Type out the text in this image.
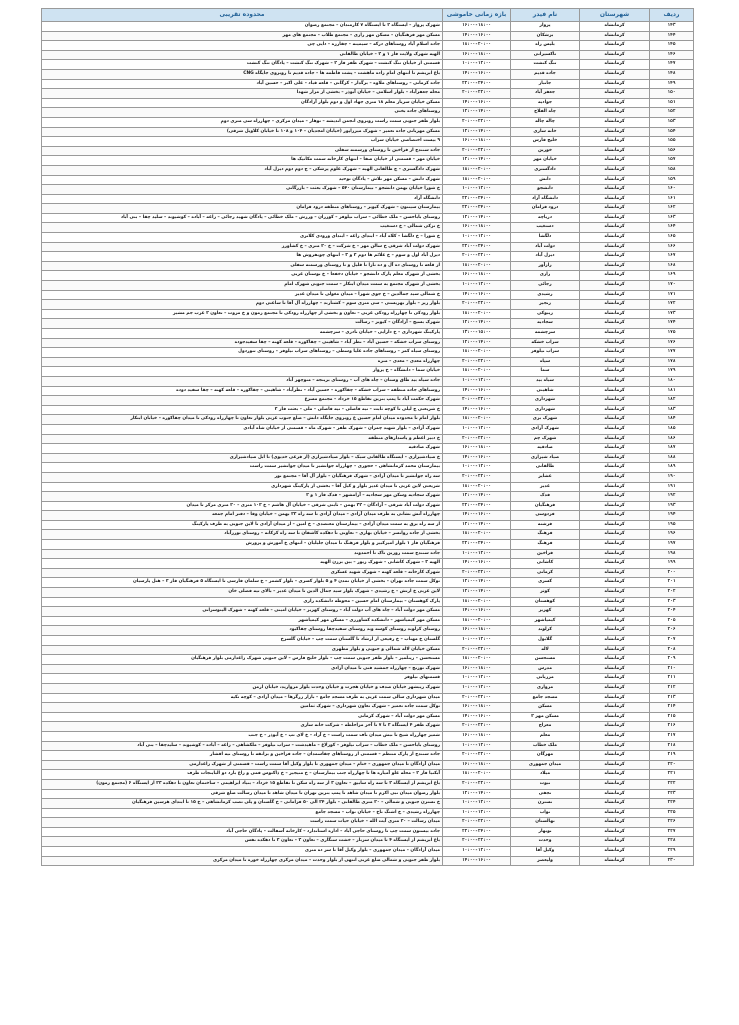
ردیف	شهرستان	نام فیدر	بازه زمانی خاموشی	محدوده تقریبی
۱۴۳	کرمانشاه	پرواز	۱۶:۰۰-۱۸:۰۰	شهرک پرواز – ایستگاه ۲ تا ایستگاه ۷ کارمندان – مجتمع رضوان
۱۴۴	کرمانشاه	برشکان	۱۴:۰۰-۱۶:۰۰	مسکن مهر فرهنگیان – مسکن مهر رازی – مجتمع طلاب – مجتمع های مهر
۱۴۵	کرمانشاه	بلیس راه	۱۸:۰۰-۲۰:۰۰	جاده اسلام آباد روستاهای درکه – سیمینه – چقارزه – دایی چی
۱۴۶	کرمانشاه	تاکسیرانی	۱۶:۰۰-۱۸:۰۰	الهیه شهرک ولایت فاز ۱ و ۲ – خیابان طالقانی
۱۴۷	کرمانشاه	تنگ کنشت	۱۰:۰۰-۱۲:۰۰	قسمتی از خیابان تنگ کنشت – شهرک ظفر فاز ۲ – شهرک تنگ کنشت – پادگان تنگ کنشت
۱۴۸	کرمانشاه	جاده قدیم	۱۴:۰۰-۱۶:۰۰	باغ ابریشم تا انتهای امام زاده ماهشت – پشت فاطمه ها – جاده قدیم تا روبروی جایگاه CNG
۱۴۹	کرمانشاه	جانباز	۲۲:۰۰-۲۴:۰۰	جاده کرمانی – روستاهای ملاوه – برگدار – کرگانی – قلعه قباد – علی اکبر – حسین آباد
۱۵۰	کرمانشاه	جعفر آباد	۲۰:۰۰-۲۲:۰۰	محله جعفرآباد – بلوار اسلامی – خیابان آبوذر – بخشی از مزار شهدا
۱۵۱	کرمانشاه	جوادیه	۱۴:۰۰-۱۶:۰۰	مسکن خیابان سرباز معلم ۱۸ متری جهاد اول و دوم بلوار آزادگان
۱۵۲	کرمانشاه	چاه الفلاح	۱۲:۰۰-۱۴:۰۰	روستاهای جاده بختی
۱۵۳	کرمانشاه	چاله چاله	۲۰:۰۰-۲۲:۰۰	بلوار ظفر جنوبی سمت راست روبروی انجمن اندیشه – توهار – میدان مرکزی – چهارراه سی متری دوم
۱۵۴	کرمانشاه	خانه سازی	۱۲:۰۰-۱۴:۰۰	مسکن مهربانی جاده تعمیر – شهرک میرزاپور (خیابان امجدیان – ۱۰۴ و ۱۰۸ تا خیابان کلاویل شرقی)
۱۵۵	کرمانشاه	خلیج فارس	۱۶:۰۰-۱۸:۰۰	۹ بیست اختصاصی خیابان سراب
۱۵۶	کرمانشاه	خورین	۲۰:۰۰-۲۲:۰۰	جاده سنندج از فراخین تا روستای ورسمته سفلی
۱۵۷	کرمانشاه	خیابان مهر	۱۲:۰۰-۱۴:۰۰	خیابان مهر – قسمتی از خیابان صفا – انتهای کارخانه سمت مکانیک ها
۱۵۸	کرمانشاه	دادگستری	۱۸:۰۰-۲۰:۰۰	شهرک دادگستری – ج طالقانی الهیه – شهرک علوم پزشکی – ج دوم دوم دیزل آباد
۱۵۹	کرمانشاه	دانش	۱۸:۰۰-۲۰:۰۰	شهرک دانش – مسکن مهر تلاش – پادگان توحید
۱۶۰	کرمانشاه	دانشجو	۱۰:۰۰-۱۲:۰۰	خ شورا خیابان بهمن دانشجو – بیمارستان ۵۴۰ – شهرک بعثت – بازرگانی
۱۶۱	کرمانشاه	دانشگاه آزاد	۲۲:۰۰-۲۴:۰۰	دانشگاه آزاد
۱۶۲	کرمانشاه	درود فرامان	۲۲:۰۰-۲۴:۰۰	بیمارستان سینتون – شهرک کیوبز – روستاهای منطقه درود فرامان
۱۶۳	کرمانشاه	دریاچه	۱۲:۰۰-۱۴:۰۰	روستای باباحسن – ملک خطائی – سراب نیلوفر – کوزران – ورزش – ملک خطائی – پادگان شهید رجائی – زاغه – آباده – کوشیوند – سلید چقا – بنی آباد
۱۶۴	کرمانشاه	دستغیب	۱۶:۰۰-۱۸:۰۰	خ ترکی شمالی – خ دستغیب
۱۶۵	کرمانشاه	دلگشا	۱۰:۰۰-۱۲:۰۰	خ شورا – خ دلگشا – کلاه آباد – ابتدای زاغه – ابتدای ورودی کلاتری
۱۶۶	کرمانشاه	دولت آباد	۲۲:۰۰-۲۴:۰۰	شهرک دولت آباد شرقی خ سالن مهر – خ شرکت – خ ۲۰ متری – خ کشاورز
۱۶۷	کرمانشاه	دیزل آباد	۲۰:۰۰-۲۲:۰۰	دیزل آباد اول و سوم – خ علائم ها دوم ۲ و ۳ – انتهای چوبفروش ها
۱۶۸	کرمانشاه	رازآور	۱۸:۰۰-۲۰:۰۰	از قلعه تا روستای ده آل و ده نازا تا قلیل و تا روستای ورسمته سفلی
۱۶۹	کرمانشاه	رازی	۱۶:۰۰-۱۸:۰۰	بخشی از شهرک معلم پارک دانشجو – خیابان دخفعا – خ بوستان غربی
۱۷۰	کرمانشاه	رجائی	۱۰:۰۰-۱۲:۰۰	بخشی از شهرک مجتمع به سمت میدان ابتکار – سمت جنوبی شهرک امام
۱۷۱	کرمانشاه	رشیدی	۱۴:۰۰-۱۶:۰۰	خ شمالی سید جمالدین – خ جوی شهرا – میدان مغولی تا میدان غدیر
۱۷۲	کرمانشاه	زنجیر	۲۰:۰۰-۲۲:۰۰	بلوار زیر – بلوار بهزیستی – سی متری سوم – کشتارند – چهارراه آل آقا تا ساعتی دوم
۱۷۳	کرمانشاه	زیبوکی	۱۸:۰۰-۲۰:۰۰	بلوار رودکی تا چهارراه رودکی غربی – تعاون و بخشی از چهارراه رودکی تا مجتمع زمون و خ مروت – تعاون ۲ غرب جم مشیر
۱۷۴	کرمانشاه	سجادیه	۱۲:۰۰-۱۴:۰۰	شهرک بسیج – آزادگان – کیوبز – رسالت
۱۷۵	کرمانشاه	سرچشمه	۱۳:۰۰-۱۵:۰۰	پارکینگ شهرداری – خ دارایی – خیابان نادری – سرچشمه
۱۷۶	کرمانشاه	سراب خشکه	۱۲:۰۰-۱۴:۰۰	روستای سراب خشکه – حسین آباد – نظر آباد – شاهینی – چقاکوره – قلعه کهنه – چقا سفیدجوده
۱۷۷	کرمانشاه	سراب نیلوفر	۱۸:۰۰-۲۰:۰۰	روستای سیاه کمر – روستاهای جاده علیا وسطی – روستاهای سراب نیلوفر – روستای تنوردول
۱۷۸	کرمانشاه	سپاه	۲۰:۰۰-۲۲:۰۰	چهارراه معدی – معدی – منزه
۱۷۹	کرمانشاه	سما	۱۸:۰۰-۲۰:۰۰	خیابان سما – دانشگاه – خ پرواز
۱۸۰	کرمانشاه	سیاه بید	۱۰:۰۰-۱۲:۰۰	جاده سیاه بید طاق وستان – چاه های آب – روستای برینجه – منوچهر آباد
۱۸۱	کرمانشاه	شاهینی	۱۴:۰۰-۱۶:۰۰	روستاهای جاده منطقه – سراب خشکه – چقاکوره – حسین آباد – نظرآباد – شاهینی – چقاکوره – قلعه کهنه – چقا سفید دوده
۱۸۲	کرمانشاه	شهرداری	۲۰:۰۰-۲۲:۰۰	شهرک حکمت آباد تا پمپ بنزین تقاطع ۱۵ خرداد – مجتمع مسرع
۱۸۳	کرمانشاه	شهرداری	۱۴:۰۰-۱۶:۰۰	خ شریعتی ج لیلی تا کوچه ثابت – تیه فاضلی – تیه فاضلی – ملی – بعثت فاز ۲
۱۸۴	کرمانشاه	شهرک بری	۱۸:۰۰-۲۰:۰۰	بلوار امام تا محدوده میدان امام حسین ع روبروی جایگاه دانش – ضلع جنوب غربی بلوار تعاون تا چهارراه رودکی تا میدان چقاکوره – خیابان ابتکار
۱۸۵	کرمانشاه	شهرک آزادی	۱۰:۰۰-۱۲:۰۰	شهرک آزادی – بلوار شهید چمران – شهرک ظفر – شهرک ماه – قسمتی از خیابان شاه آبادی
۱۸۶	کرمانشاه	شهرک چم	۲۰:۰۰-۲۲:۰۰	خ دبیر اعظم و پاسدارهای منطقه
۱۸۷	کرمانشاه	صادقیه	۱۶:۰۰-۱۸:۰۰	شهرک صادقیه
۱۸۸	کرمانشاه	صیاد شیرازی	۱۴:۰۰-۱۶:۰۰	خ صیادشیرازی – ایستگاه طالقانی سبک – بلوار صیادشیرازی (از فرعی خدیوی) تا ابل صیادشیرازی
۱۸۹	کرمانشاه	طالقانی	۱۰:۰۰-۱۲:۰۰	بیمارستان محمد کرمانشاهی – حجوری – چهارراه جوانشیر تا میدان جوانشیر سمت راست
۱۹۰	کرمانشاه	عشایر	۲۰:۰۰-۲۲:۰۰	سه راه جوانشیر تا میدان آزادی – شهرک فرهنگیان – بلوار آل آقا – مجتمع نور
۱۹۱	کرمانشاه	غدیر	۱۸:۰۰-۲۰:۰۰	شریعتی لاین غربی تا میدان غدیر بلوار و کیل آقا – بخشی از پارکینگ شهرداری
۱۹۲	کرمانشاه	فدک	۱۲:۰۰-۱۴:۰۰	شهرک سجادیه وسکن مهر سجادیه – آرامشهر – فدک فاز ۱ و ۲
۱۹۳	کرمانشاه	فرهنگیان	۲۲:۰۰-۲۴:۰۰	شهرک دولت آباد شرقی – آزادگان – ۲۲ بهمن – ثابتی شرقی – خیابان آل هاشم – خ ۱۰۲ متری – ۲۰ متری مرکز تا میدان
۱۹۴	کرمانشاه	فردوسی	۱۴:۰۰-۱۶:۰۰	چهارراه آتش نشانی به طرف میدان آزادی – میدان آزادی تا سه راه ۲۲ بهمن – خیابان وفا – دفتر امام جمعه
۱۹۵	کرمانشاه	فرشته	۱۲:۰۰-۱۴:۰۰	از سه راه برق به سمت میدان آزادی – بیمارستان معتضدی – خ امین – از میدان آزادی تا لاین جنوبی به طرف پارکینگ
۱۹۶	کرمانشاه	فرهنگ	۱۸:۰۰-۲۰:۰۰	بخشی از جاده روانسر – خیابان بهاری – تعاونی تا دهکده کاشفان تا سه راه کرکانه – روستای تورزآباد
۱۹۷	کرمانشاه	فرهنگ	۲۲:۰۰-۲۴:۰۰	فرهنگیان فاز ۱ بلوار امیرکبیر و بلوار فرهنگ تا میدان جلیلیان – انتهای خ آموزش و پرورش
۱۹۸	کرمانشاه	فراخین	۱۰:۰۰-۱۲:۰۰	جاده سنندج سمت روزبن تاک تا احمدوند
۱۹۹	کرمانشاه	کاشانی	۱۴:۰۰-۱۶:۰۰	الهیه ۳ – شهرک کاشانی – شهرک زیور – بین برزن الهیه
۲۰۰	کرمانشاه	کرمانی	۲۰:۰۰-۲۲:۰۰	شهرک کارخانه – قلعه کهنه – شهرک شهید عسکری
۲۰۱	کرمانشاه	کسری	۱۲:۰۰-۱۴:۰۰	توکل سمت جاده تهران – بخشی از خیابان تمدن ۴ و ۵ بلوار کسری – بلوار کشمر – خ سلمان فارسی تا ایستگاه ۵ فرهنگیان فاز ۲ – هتل پارسیان
۲۰۲	کرمانشاه	کوثر	۱۲:۰۰-۱۴:۰۰	لاین غربی خ ارتش – خ رشیدی – شهرک بلوار سید جمال الدین تا میدان غدیر – بالای تیه فضلی خان
۲۰۳	کرمانشاه	کوهستان	۱۸:۰۰-۲۰:۰۰	پارک کوهستان – بیمارستان امام حسین – محوطه دانشکده رازی
۲۰۴	کرمانشاه	کهریز	۱۴:۰۰-۱۶:۰۰	مسکن مهر دولت آباد – چاه های آب دولت آباد – روستای کهریز – خیابان امینی – قلعه کهنه – شهرک الیتوسرانی
۲۰۵	کرمانشاه	کیمیاشهر	۱۸:۰۰-۲۰:۰۰	مسکن مهر کیمیاشهر – دانشکده کشاورزی – مسکن مهر کیمیاشهر
۲۰۶	کرمانشاه	کرلوند	۱۶:۰۰-۱۸:۰۰	روستای کرلوند روستای کوسه وند روستای سفیدچقا روستای چقاکبود
۲۰۷	کرمانشاه	گلابول	۱۰:۰۰-۱۲:۰۰	گلستان خ مهتاب – خ رفیعی از ارشاد تا گلستان سمت چپ – خیابان گلسرخ
۲۰۸	کرمانشاه	لاله	۲۰:۰۰-۲۲:۰۰	مسکن خیابان لاله شمالی و جنوبی و بلوار مطهری
۲۰۹	کرمانشاه	مستحسن	۱۸:۰۰-۲۰:۰۰	مستحسن – زینلمپر – بلوار ظفر جنوبی سمت چپ – بلوار خلیج فارس – لاین جنوبی شهرک زاغدارمی بلوار فرهنگیان
۲۱۰	کرمانشاه	مدرس	۱۶:۰۰-۱۸:۰۰	شهرک توزنج – چهارراه جمشید فنی تا میدان آزادی
۲۱۱	کرمانشاه	مرزبانی	۱۰:۰۰-۱۲:۰۰	قسمتهای نیلوفر
۲۱۲	کرمانشاه	مرواری	۱۰:۰۰-۱۲:۰۰	شهرک زیبشهر خیابان صدف و خیابان هجرت و خیابان وحدت بلوار مروارید، خیابان ارمن
۲۱۳	کرمانشاه	مسجد جامع	۲۰:۰۰-۲۲:۰۰	میدان شهرداری سالی سمت غربی به طرف مسجد جامع – بازار زرگرها – میدان آزادی – کوچه تکیه
۲۱۴	کرمانشاه	مسکن	۱۶:۰۰-۱۸:۰۰	توکل سمت جاده تعمیر – شهرک تعاون شهرداری – شهرک ثمامین
۲۱۵	کرمانشاه	مسکن مهر ۲	۱۴:۰۰-۱۶:۰۰	مسکن مهر دولت آباد – شهرک کرمانی
۲۱۶	کرمانشاه	معراج	۲۰:۰۰-۲۲:۰۰	شهرک ظفر ۴ ایستگاه ۲ تا ۷ تا آخر مراحلطه – شرکت خانه سازی
۲۱۷	کرمانشاه	معلم	۱۶:۰۰-۱۸:۰۰	شمیر چهارراه شیخ تا نبش میدان ناف سمت راست – خ آزاد – خ لای تپ – خ آبوذر – خ جنب
۲۱۸	کرمانشاه	ملک خطاب	۱۰:۰۰-۱۲:۰۰	روستای باباحسن – ملک خطاب – سراب نیلوفر – کوزلاغ – ماهیدشت – سراب نیلوفر – ملکشاهی – زاغه – آباده – کوشیوند – سلیدچقا – بنی آباد
۲۱۹	کرمانشاه	مهرگان	۲۰:۰۰-۲۲:۰۰	جاده سنندج از پارک منتظم – قسمتی از روستاهای چقاسمدان – جاده فراخین و برانقه تا روستای نیه اقشار
۲۲۰	کرمانشاه	میدان جمهوری	۱۶:۰۰-۱۸:۰۰	میدان آزادگان تا میدان جمهوری – ختام – میدان جمهوری تا بلوار وکیل آقا سمت راست – قسمتی از شهرک زاغدارمی
۲۲۱	کرمانشاه	میلاد	۱۸:۰۰-۲۰:۰۰	آبکنیا فاز ۲ – محله علو آمیاره ها تا چهارراه جنب بیمارستان – خ منیجیر – خ ذاکتوس فمی و زاغ بارد دو الباینجات طرف
۲۲۲	کرمانشاه	نبوت	۲۰:۰۰-۲۲:۰۰	باغ ابریشم از ایستگاه ۲ تا سه راه سابیق – تعاون ۳ از سه راه سکن تا تقاطع ۱۵ خرداد – بنیاد ابراهیمی – ساختمان تعاون تا دهکده ۲۳ از ایستگاه ۶ (مجتمع زمون)
۲۲۳	کرمانشاه	نجفی	۱۲:۰۰-۱۴:۰۰	بلوار رضوان میدان نبی اکرم تا میدان شاهد تا پمپ بنزین تهران تا میدان شاهد تا میدان رسالت ضلع شرقی
۲۲۴	کرمانشاه	نسترن	۱۰:۰۰-۱۲:۰۰	خ نسترن جنوبی و شمالی – ۲۰ متری طالقانی – بلوار ۲۴ الی ۵۰ فرامانی – خ گلستان و پلی تصب کرمانشاهی – خ ۱۵ تا ابتدای هرسین فرهنگیان
۲۲۵	کرمانشاه	نواب	۱۰:۰۰-۱۲:۰۰	چهارراه رشیدی – خ اشنگ ناخ – خیابان نواب – مسجد جامع
۲۲۶	کرمانشاه	نهالستان	۲۰:۰۰-۲۲:۰۰	میدان رسالت – ۲۰ متری آیت الله – خیابان حیات سمت راست
۲۲۷	کرمانشاه	نوبهار	۲۲:۰۰-۲۴:۰۰	جاده بیستون سمت چپ تا روستای حاجی آباد – اداره استاندارد – کارخانه آسفالت – پادگان حاجی آباد
۲۲۸	کرمانشاه	وحدت	۲۰:۰۰-۲۲:۰۰	باغ ابریشم از ایستگاه ۴ تا میدان سرباز – خشت سنگاری – تعاون ۳ – تعاون ۲ تا دهکده نفس
۲۲۹	کرمانشاه	وکیل آقا	۱۰:۰۰-۱۲:۰۰	میدان آزادگان – میدان جمهوری – بلوار وکیل آقا تا سر ده متری
۲۳۰	کرمانشاه	ولیعصر	۱۴:۰۰-۱۶:۰۰	بلوار ظفر جنوبی و شمالی ضلع غربی انتهی از بلوار وحدت – میدان مرکزی چهارراه خوره تا میدان مرکزی
